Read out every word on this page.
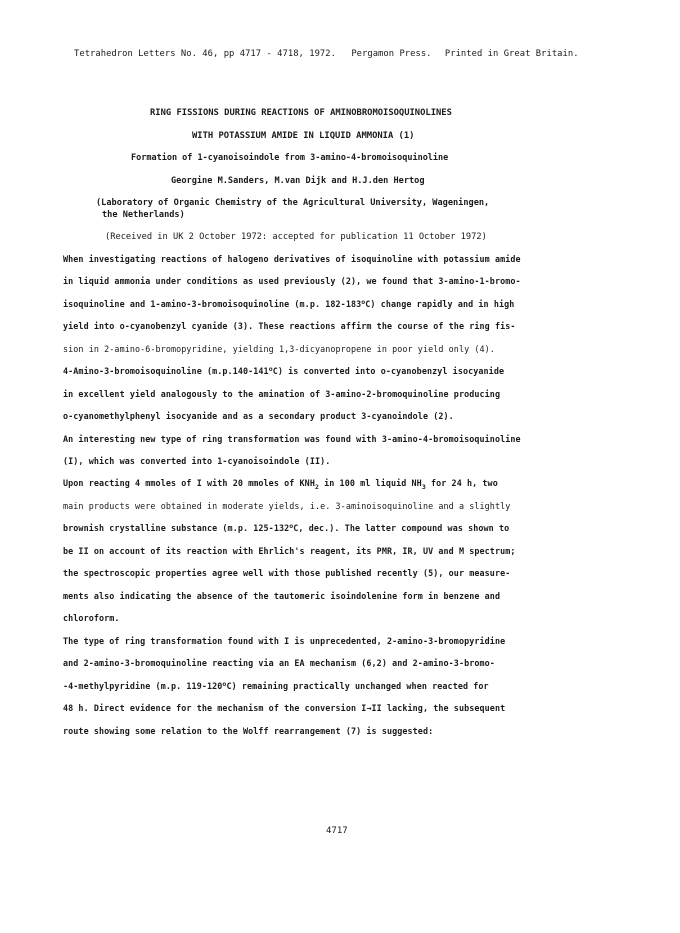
Tetrahedron Letters No. 46, pp 4717 - 4718, 1972. Pergamon Press. Printed in Great Britain.
RING FISSIONS DURING REACTIONS OF AMINOBROMOISOQUINOLINES
WITH POTASSIUM AMIDE IN LIQUID AMMONIA (1)
Formation of 1-cyanoisoindole from 3-amino-4-bromoisoquinoline
Georgine M.Sanders, M.van Dijk and H.J.den Hertog
(Laboratory of Organic Chemistry of the Agricultural University, Wageningen,
the Netherlands)
(Received in UK 2 October 1972: accepted for publication 11 October 1972)
When investigating reactions of halogeno derivatives of isoquinoline with potassium amide
in liquid ammonia under conditions as used previously (2), we found that 3-amino-1-bromo-
isoquinoline and 1-amino-3-bromoisoquinoline (m.p. 182-183$^o$C) change rapidly and in high
yield into o-cyanobenzyl cyanide (3). These reactions affirm the course of the ring fis-
sion in 2-amino-6-bromopyridine, yielding 1,3-dicyanopropene in poor yield only (4).
4-Amino-3-bromoisoquinoline (m.p.140-141$^o$C) is converted into o-cyanobenzyl isocyanide
in excellent yield analogously to the amination of 3-amino-2-bromoquinoline producing
o-cyanomethylphenyl isocyanide and as a secondary product 3-cyanoindole (2).
An interesting new type of ring transformation was found with 3-amino-4-bromoisoquinoline
(I), which was converted into 1-cyanoisoindole (II).
Upon reacting 4 mmoles of I with 20 mmoles of $KNH_2$ in 100 ml liquid $NH_3$ for 24 h, two
main products were obtained in moderate yields, i.e. 3-aminoisoquinoline and a slightly
brownish crystalline substance (m.p. 125-132$^o$C, dec.). The latter compound was shown to
be II on account of its reaction with Ehrlich's reagent, its PMR, IR, UV and M spectrum;
the spectroscopic properties agree well with those published recently (5), our measure-
ments also indicating the absence of the tautomeric isoindolenine form in benzene and
chloroform.
The type of ring transformation found with I is unprecedented, 2-amino-3-bromopyridine
and 2-amino-3-bromoquinoline reacting via an EA mechanism (6,2) and 2-amino-3-bromo-
-4-methylpyridine (m.p. 119-120$^o$C) remaining practically unchanged when reacted for
48 h. Direct evidence for the mechanism of the conversion I→II lacking, the subsequent
route showing some relation to the Wolff rearrangement (7) is suggested:
4717
